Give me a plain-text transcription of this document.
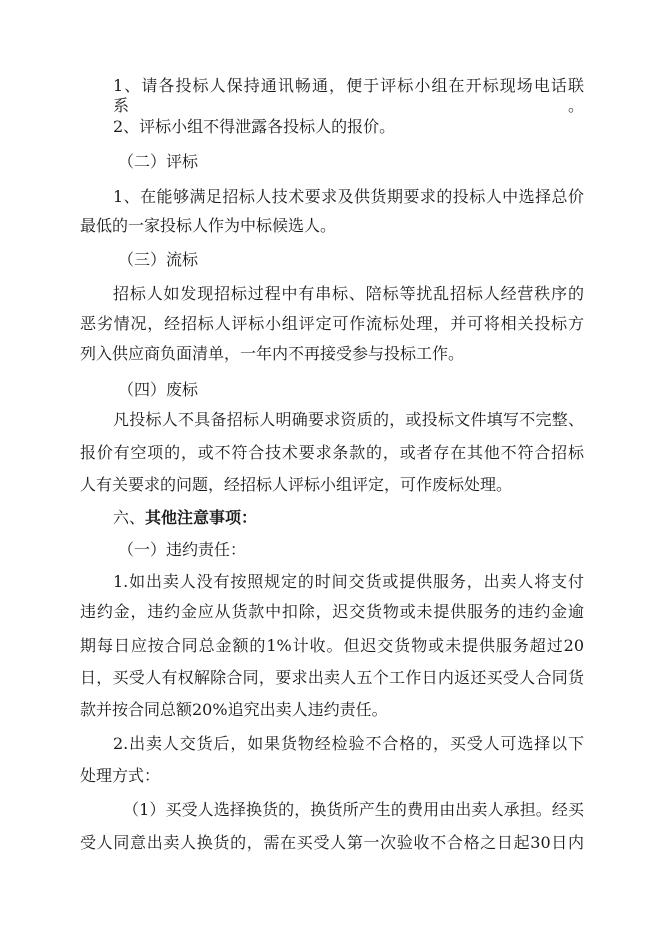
1、请各投标人保持通讯畅通，便于评标小组在开标现场电话联系。
2、评标小组不得泄露各投标人的报价。
（二）评标
1、在能够满足招标人技术要求及供货期要求的投标人中选择总价
最低的一家投标人作为中标候选人。
（三）流标
招标人如发现招标过程中有串标、陪标等扰乱招标人经营秩序的
恶劣情况，经招标人评标小组评定可作流标处理，并可将相关投标方
列入供应商负面清单，一年内不再接受参与投标工作。
（四）废标
凡投标人不具备招标人明确要求资质的，或投标文件填写不完整、
报价有空项的，或不符合技术要求条款的，或者存在其他不符合招标
人有关要求的问题，经招标人评标小组评定，可作废标处理。
六、其他注意事项：
（一）违约责任：
1.如出卖人没有按照规定的时间交货或提供服务，出卖人将支付
违约金，违约金应从货款中扣除，迟交货物或未提供服务的违约金逾
期每日应按合同总金额的1%计收。但迟交货物或未提供服务超过20
日，买受人有权解除合同，要求出卖人五个工作日内返还买受人合同货
款并按合同总额20%追究出卖人违约责任。
2.出卖人交货后，如果货物经检验不合格的，买受人可选择以下
处理方式：
（1）买受人选择换货的，换货所产生的费用由出卖人承担。经买
受人同意出卖人换货的，需在买受人第一次验收不合格之日起30日内
